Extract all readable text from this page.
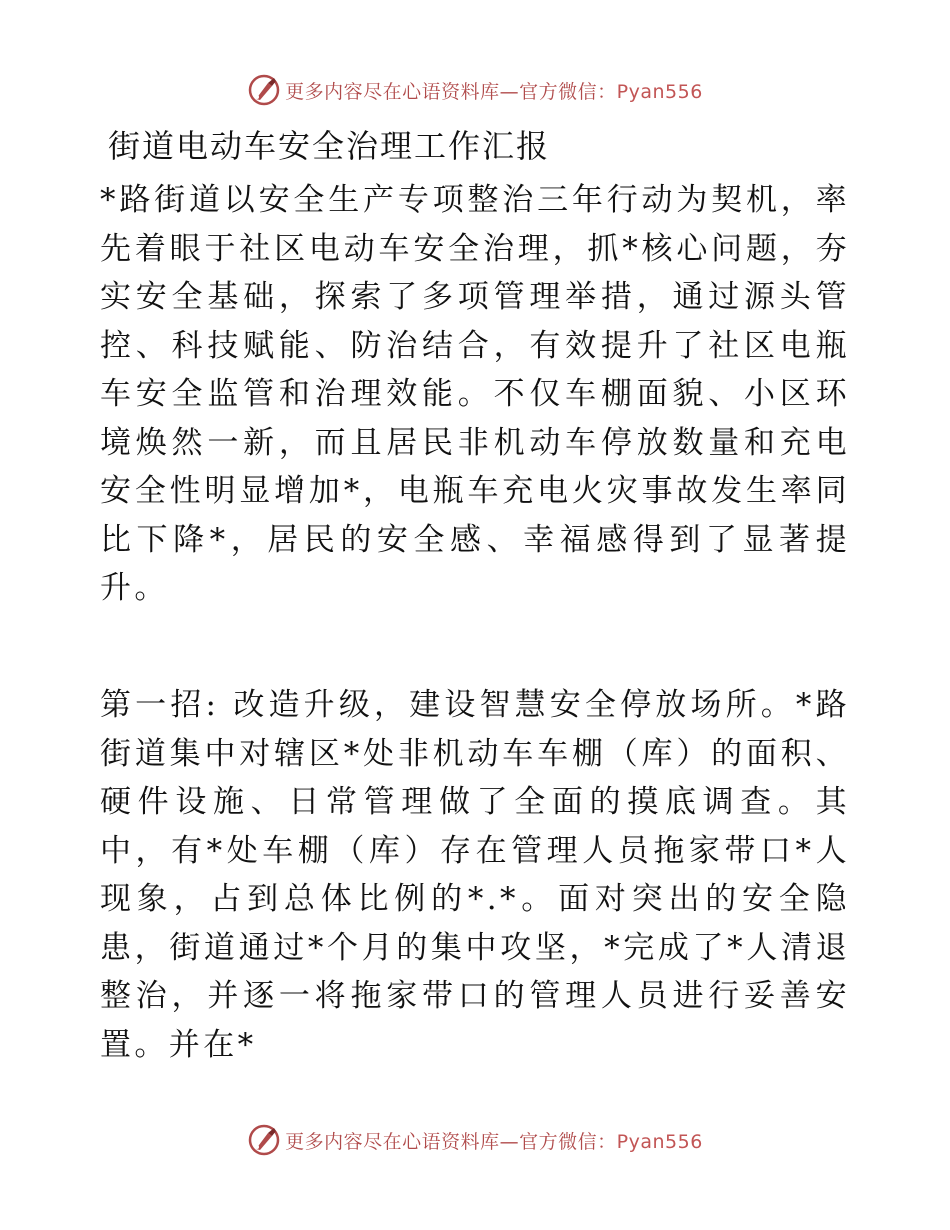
更多内容尽在心语资料库—官方微信：Pyan556
街道电动车安全治理工作汇报

*路街道以安全生产专项整治三年行动为契机，率先着眼于社区电动车安全治理，抓*核心问题，夯实安全基础，探索了多项管理举措，通过源头管控、科技赋能、防治结合，有效提升了社区电瓶车安全监管和治理效能。不仅车棚面貌、小区环境焕然一新，而且居民非机动车停放数量和充电安全性明显增加*，电瓶车充电火灾事故发生率同比下降*，居民的安全感、幸福感得到了显著提升。

第一招: 改造升级，建设智慧安全停放场所。*路街道集中对辖区*处非机动车车棚（库）的面积、硬件设施、日常管理做了全面的摸底调查。其中，有*处车棚（库）存在管理人员拖家带口*人现象，占到总体比例的*.*。面对突出的安全隐患，街道通过*个月的集中攻坚，*完成了*人清退整治，并逐一将拖家带口的管理人员进行妥善安置。并在*

更多内容尽在心语资料库—官方微信：Pyan556
